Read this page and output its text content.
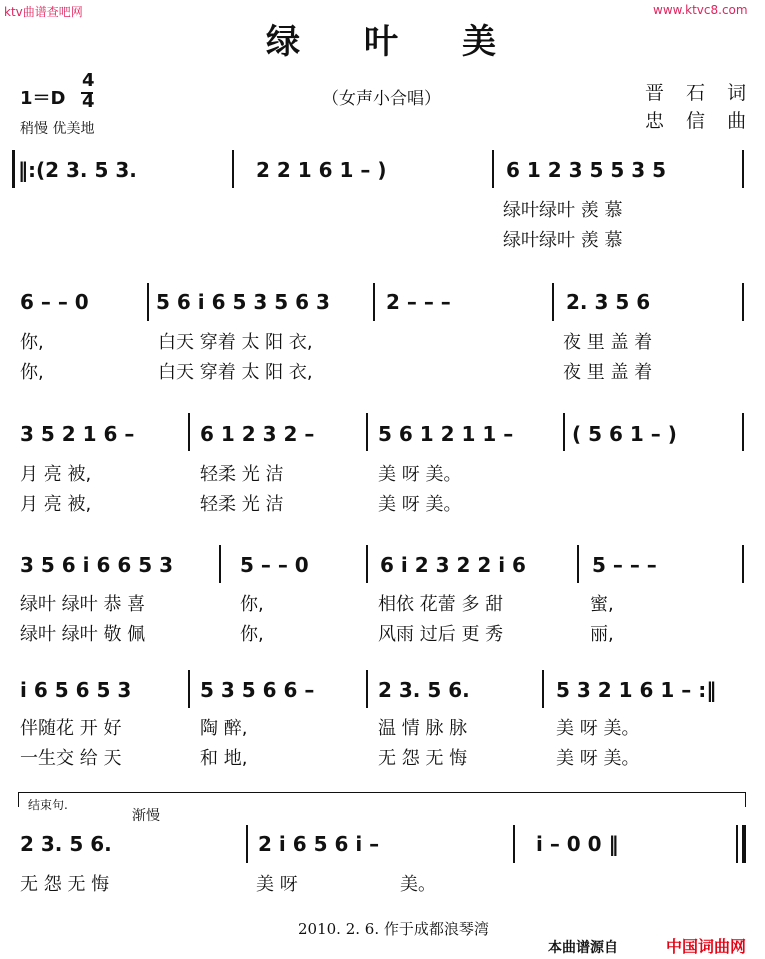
ktv曲谱查吧网	www.ktvc8.com
绿 叶 美
1＝D
4
4
稍慢 优美地
（女声小合唱）	晋 石 词
忠 信 曲
‖:(2 3. 5 3.	2 2 1 6 1 – )	6 1 2 3 5 5 3 5
绿叶绿叶 羡 慕
绿叶绿叶 羡 慕
6 – – 0	5 6 i 6 5 3 5 6 3	2 – – –	2. 3 5 6
你,	白天 穿着 太 阳 衣,	夜 里 盖 着
你,	白天 穿着 太 阳 衣,	夜 里 盖 着
3 5 2 1 6 –	6 1 2 3 2 –	5 6 1 2 1 1 –	( 5 6 1 – )
月 亮 被,	轻柔 光 洁	美 呀 美。
月 亮 被,	轻柔 光 洁	美 呀 美。
3 5 6 i 6 6 5 3	5 – – 0	6 i 2 3 2 2 i 6	5 – – –
绿叶 绿叶 恭 喜	你,	相依 花蕾 多 甜	蜜,
绿叶 绿叶 敬 佩	你,	风雨 过后 更 秀	丽,
i 6 5 6 5 3	5 3 5 6 6 –	2 3. 5 6.	5 3 2 1 6 1 – :‖
伴随花 开 好	陶 醉,	温 情 脉 脉	美 呀 美。
一生交 给 天	和 地,	无 怨 无 悔	美 呀 美。
结束句.
渐慢
2 3. 5 6.	2 i 6 5 6 i –	i – 0 0 ‖
无 怨 无 悔	美 呀	美。
2010. 2. 6. 作于成都浪琴湾
本曲谱源自	中国词曲网
